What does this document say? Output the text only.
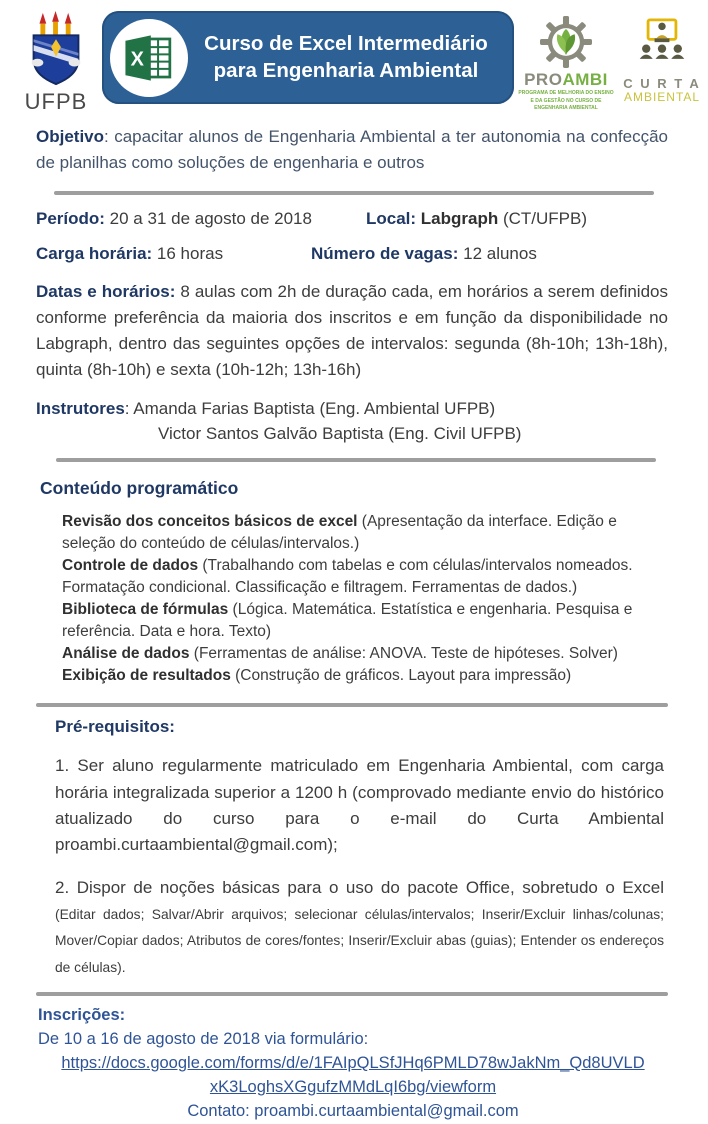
UFPB
X
Curso de Excel Intermediário
para Engenharia Ambiental	PROAMBI
PROGRAMA DE MELHORIA DO ENSINO
E DA GESTÃO NO CURSO DE
ENGENHARIA AMBIENTAL
C U R T A
AMBIENTAL

Objetivo: capacitar alunos de Engenharia Ambiental a ter autonomia na confecção de planilhas como soluções de engenharia e outros

Período: 20 a 31 de agosto de 2018	Local: Labgraph (CT/UFPB)
Carga horária: 16 horas	Número de vagas: 12 alunos

Datas e horários: 8 aulas com 2h de duração cada, em horários a serem definidos conforme preferência da maioria dos inscritos e em função da disponibilidade no Labgraph, dentro das seguintes opções de intervalos: segunda (8h-10h; 13h-18h), quinta (8h-10h) e sexta (10h-12h; 13h-16h)

Instrutores: Amanda Farias Baptista (Eng. Ambiental UFPB)
Victor Santos Galvão Baptista (Eng. Civil UFPB)
Conteúdo programático

Revisão dos conceitos básicos de excel (Apresentação da interface. Edição e seleção do conteúdo de células/intervalos.)

Controle de dados (Trabalhando com tabelas e com células/intervalos nomeados. Formatação condicional. Classificação e filtragem. Ferramentas de dados.)

Biblioteca de fórmulas (Lógica. Matemática. Estatística e engenharia. Pesquisa e referência. Data e hora. Texto)

Análise de dados (Ferramentas de análise: ANOVA. Teste de hipóteses. Solver)

Exibição de resultados (Construção de gráficos. Layout para impressão)

Pré-requisitos:

1. Ser aluno regularmente matriculado em Engenharia Ambiental, com carga horária integralizada superior a 1200 h (comprovado mediante envio do histórico atualizado do curso para o e-mail do Curta Ambiental proambi.curtaambiental@gmail.com);

2. Dispor de noções básicas para o uso do pacote Office, sobretudo o Excel (Editar dados; Salvar/Abrir arquivos; selecionar células/intervalos; Inserir/Excluir linhas/colunas; Mover/Copiar dados; Atributos de cores/fontes; Inserir/Excluir abas (guias); Entender os endereços de células).

Inscrições:
De 10 a 16 de agosto de 2018 via formulário:
https://docs.google.com/forms/d/e/1FAIpQLSfJHq6PMLD78wJakNm_Qd8UVLD
xK3LoghsXGgufzMMdLqI6bg/viewform
Contato: proambi.curtaambiental@gmail.com
